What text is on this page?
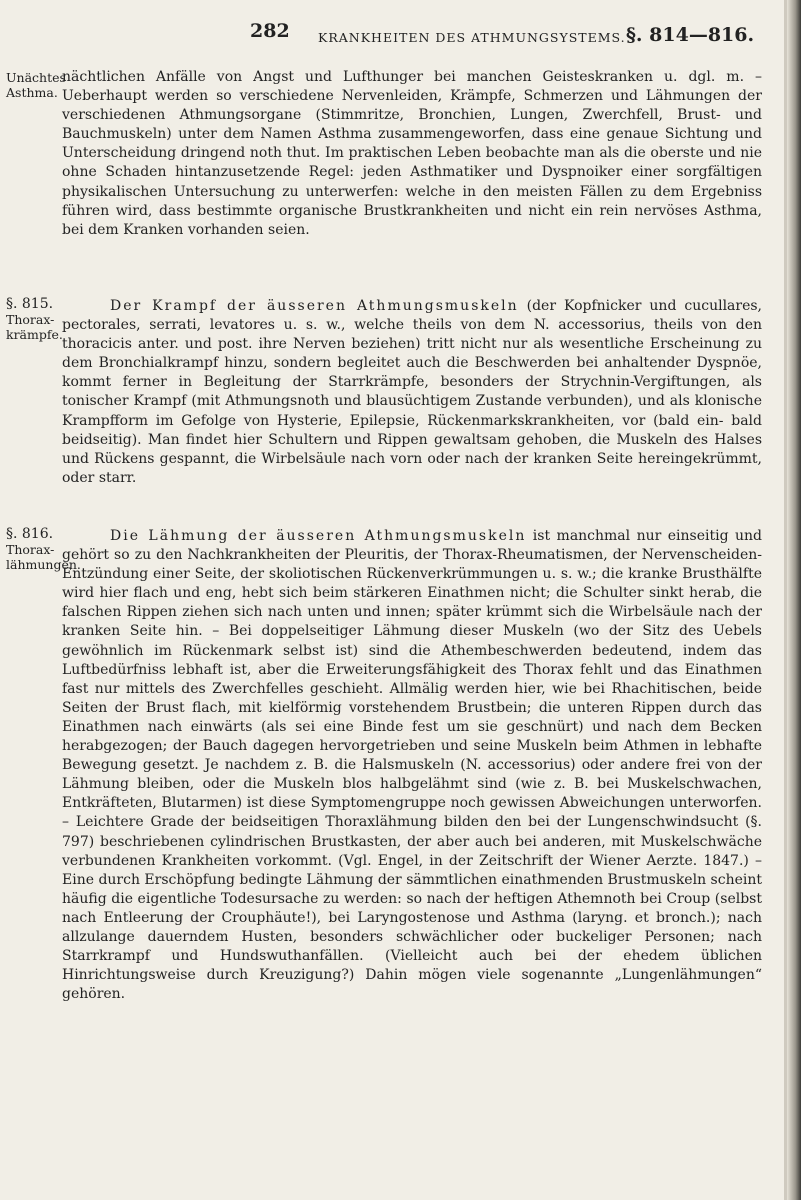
282 KRANKHEITEN DES ATHMUNGSYSTEMS. §. 814—816.
Unächtes
Asthma.

nächtlichen Anfälle von Angst und Lufthunger bei manchen Geisteskranken u. dgl. m. – Ueberhaupt werden so verschiedene Nervenleiden, Krämpfe, Schmerzen und Lähmungen der verschiedenen Athmungsorgane (Stimmritze, Bronchien, Lungen, Zwerchfell, Brust- und Bauchmuskeln) unter dem Namen Asthma zusammengeworfen, dass eine genaue Sichtung und Unterscheidung dringend noth thut. Im praktischen Leben beobachte man als die oberste und nie ohne Schaden hintanzusetzende Regel: jeden Asthmatiker und Dyspnoiker einer sorgfältigen physikalischen Untersuchung zu unterwerfen: welche in den meisten Fällen zu dem Ergebniss führen wird, dass bestimmte organische Brustkrankheiten und nicht ein rein nervöses Asthma, bei dem Kranken vorhanden seien.

§. 815.
Thorax-
krämpfe.

Der Krampf der äusseren Athmungsmuskeln (der Kopfnicker und cucullares, pectorales, serrati, levatores u. s. w., welche theils von dem N. accessorius, theils von den thoracicis anter. und post. ihre Nerven beziehen) tritt nicht nur als wesentliche Erscheinung zu dem Bronchialkrampf hinzu, sondern begleitet auch die Beschwerden bei anhaltender Dyspnöe, kommt ferner in Begleitung der Starrkrämpfe, besonders der Strychnin-Vergiftungen, als tonischer Krampf (mit Athmungsnoth und blausüchtigem Zustande verbunden), und als klonische Krampfform im Gefolge von Hysterie, Epilepsie, Rückenmarkskrankheiten, vor (bald ein- bald beidseitig). Man findet hier Schultern und Rippen gewaltsam gehoben, die Muskeln des Halses und Rückens gespannt, die Wirbelsäule nach vorn oder nach der kranken Seite hereingekrümmt, oder starr.

§. 816.
Thorax-
lähmungen.

Die Lähmung der äusseren Athmungsmuskeln ist manchmal nur einseitig und gehört so zu den Nachkrankheiten der Pleuritis, der Thorax-Rheumatismen, der Nervenscheiden-Entzündung einer Seite, der skoliotischen Rückenverkrümmungen u. s. w.; die kranke Brusthälfte wird hier flach und eng, hebt sich beim stärkeren Einathmen nicht; die Schulter sinkt herab, die falschen Rippen ziehen sich nach unten und innen; später krümmt sich die Wirbelsäule nach der kranken Seite hin. – Bei doppelseitiger Lähmung dieser Muskeln (wo der Sitz des Uebels gewöhnlich im Rückenmark selbst ist) sind die Athembeschwerden bedeutend, indem das Luftbedürfniss lebhaft ist, aber die Erweiterungsfähigkeit des Thorax fehlt und das Einathmen fast nur mittels des Zwerchfelles geschieht. Allmälig werden hier, wie bei Rhachitischen, beide Seiten der Brust flach, mit kielförmig vorstehendem Brustbein; die unteren Rippen durch das Einathmen nach einwärts (als sei eine Binde fest um sie geschnürt) und nach dem Becken herabgezogen; der Bauch dagegen hervorgetrieben und seine Muskeln beim Athmen in lebhafte Bewegung gesetzt. Je nachdem z. B. die Halsmuskeln (N. accessorius) oder andere frei von der Lähmung bleiben, oder die Muskeln blos halbgelähmt sind (wie z. B. bei Muskelschwachen, Entkräfteten, Blutarmen) ist diese Symptomengruppe noch gewissen Abweichungen unterworfen. – Leichtere Grade der beidseitigen Thoraxlähmung bilden den bei der Lungenschwindsucht (§. 797) beschriebenen cylindrischen Brustkasten, der aber auch bei anderen, mit Muskelschwäche verbundenen Krankheiten vorkommt. (Vgl. Engel, in der Zeitschrift der Wiener Aerzte. 1847.) – Eine durch Erschöpfung bedingte Lähmung der sämmtlichen einathmenden Brustmuskeln scheint häufig die eigentliche Todesursache zu werden: so nach der heftigen Athemnoth bei Croup (selbst nach Entleerung der Crouphäute!), bei Laryngostenose und Asthma (laryng. et bronch.); nach allzulange dauerndem Husten, besonders schwächlicher oder buckeliger Personen; nach Starrkrampf und Hundswuthanfällen. (Vielleicht auch bei der ehedem üblichen Hinrichtungsweise durch Kreuzigung?) Dahin mögen viele sogenannte „Lungenlähmungen“ gehören.
